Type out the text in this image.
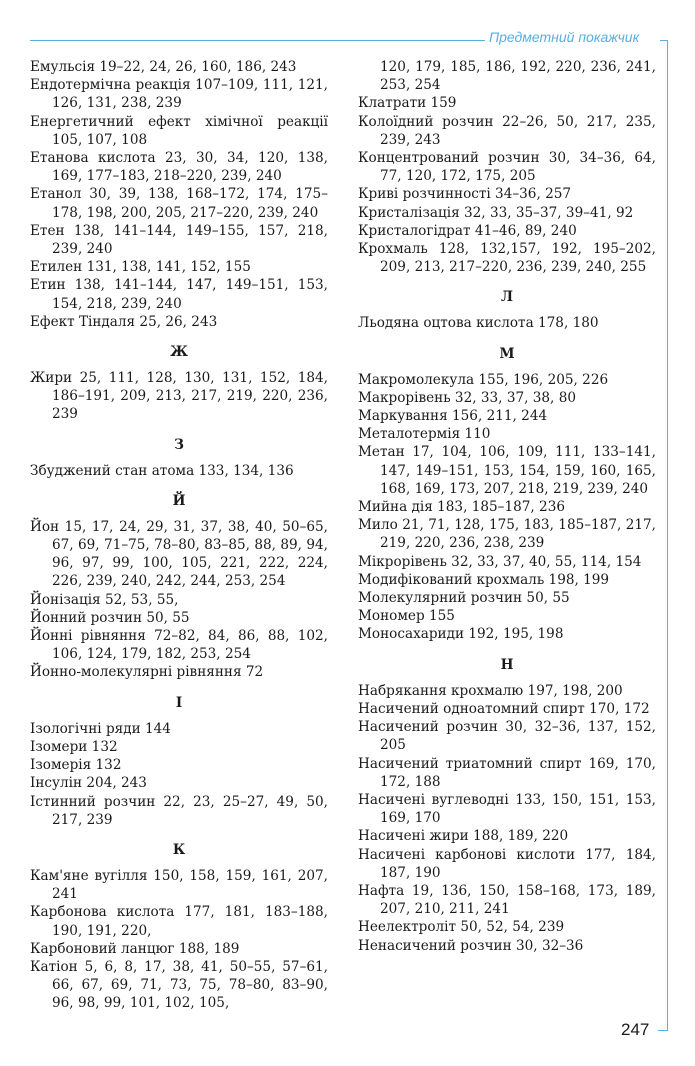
Предметний покажчик
247
Емульсія 19–22, 24, 26, 160, 186, 243
Ендотермічна реакція 107–109, 111, 121, 126, 131, 238, 239
Енергетичний ефект хімічної реакції 105, 107, 108
Етанова кислота 23, 30, 34, 120, 138, 169, 177–183, 218–220, 239, 240
Етанол 30, 39, 138, 168–172, 174, 175–178, 198, 200, 205, 217–220, 239, 240
Етен 138, 141–144, 149–155, 157, 218, 239, 240
Етилен 131, 138, 141, 152, 155
Етин 138, 141–144, 147, 149–151, 153, 154, 218, 239, 240
Ефект Тіндаля 25, 26, 243
Ж
Жири 25, 111, 128, 130, 131, 152, 184, 186–191, 209, 213, 217, 219, 220, 236, 239
З
Збуджений стан атома 133, 134, 136
Й
Йон 15, 17, 24, 29, 31, 37, 38, 40, 50–65, 67, 69, 71–75, 78–80, 83–85, 88, 89, 94, 96, 97, 99, 100, 105, 221, 222, 224, 226, 239, 240, 242, 244, 253, 254
Йонізація 52, 53, 55,
Йонний розчин 50, 55
Йонні рівняння 72–82, 84, 86, 88, 102, 106, 124, 179, 182, 253, 254
Йонно-молекулярні рівняння 72
І
Ізологічні ряди 144
Ізомери 132
Ізомерія 132
Інсулін 204, 243
Істинний розчин 22, 23, 25–27, 49, 50, 217, 239
К
Кам'яне вугілля 150, 158, 159, 161, 207, 241
Карбонова кислота 177, 181, 183–188, 190, 191, 220,
Карбоновий ланцюг 188, 189
Катіон 5, 6, 8, 17, 38, 41, 50–55, 57–61, 66, 67, 69, 71, 73, 75, 78–80, 83–90, 96, 98, 99, 101, 102, 105,
120, 179, 185, 186, 192, 220, 236, 241, 253, 254
Клатрати 159
Колоїдний розчин 22–26, 50, 217, 235, 239, 243
Концентрований розчин 30, 34–36, 64, 77, 120, 172, 175, 205
Криві розчинності 34–36, 257
Кристалізація 32, 33, 35–37, 39–41, 92
Кристалогідрат 41–46, 89, 240
Крохмаль 128, 132,157, 192, 195–202, 209, 213, 217–220, 236, 239, 240, 255
Л
Льодяна оцтова кислота 178, 180
М
Макромолекула 155, 196, 205, 226
Макрорівень 32, 33, 37, 38, 80
Маркування 156, 211, 244
Металотермія 110
Метан 17, 104, 106, 109, 111, 133–141, 147, 149–151, 153, 154, 159, 160, 165, 168, 169, 173, 207, 218, 219, 239, 240
Мийна дія 183, 185–187, 236
Мило 21, 71, 128, 175, 183, 185–187, 217, 219, 220, 236, 238, 239
Мікрорівень 32, 33, 37, 40, 55, 114, 154
Модифікований крохмаль 198, 199
Молекулярний розчин 50, 55
Мономер 155
Моносахариди 192, 195, 198
Н
Набрякання крохмалю 197, 198, 200
Насичений одноатомний спирт 170, 172
Насичений розчин 30, 32–36, 137, 152, 205
Насичений триатомний спирт 169, 170, 172, 188
Насичені вуглеводні 133, 150, 151, 153, 169, 170
Насичені жири 188, 189, 220
Насичені карбонові кислоти 177, 184, 187, 190
Нафта 19, 136, 150, 158–168, 173, 189, 207, 210, 211, 241
Неелектроліт 50, 52, 54, 239
Ненасичений розчин 30, 32–36
